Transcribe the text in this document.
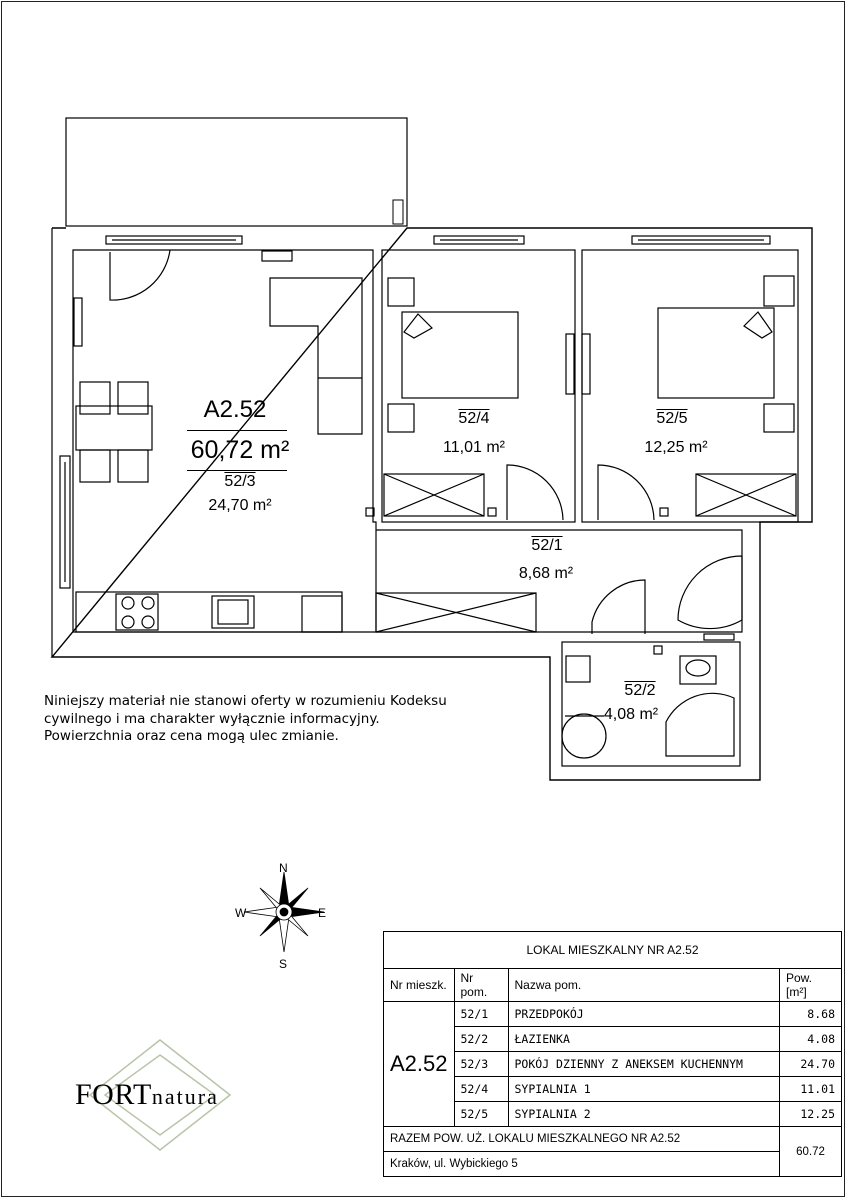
A2.52
60,72 m²
52/3
24,70 m²
52/4
11,01 m²
52/5
12,25 m²
52/1
8,68 m²
52/2
4,08 m²
Niniejszy materiał nie stanowi oferty w rozumieniu Kodeksu cywilnego i ma charakter wyłącznie informacyjny. Powierzchnia oraz cena mogą ulec zmianie.
N
S
E
W
FORTnatura
LOKAL MIESZKALNY NR A2.52			
Nr mieszk.	Nr pom.	Nazwa pom.	Pow. [m²]
A2.52	52/1	PRZEDPOKÓJ	8.68
	52/2	ŁAZIENKA	4.08
	52/3	POKÓJ DZIENNY Z ANEKSEM KUCHENNYM	24.70
	52/4	SYPIALNIA 1	11.01
	52/5	SYPIALNIA 2	12.25
RAZEM POW. UŻ. LOKALU MIESZKALNEGO NR A2.52			60.72
Kraków, ul. Wybickiego 5			
